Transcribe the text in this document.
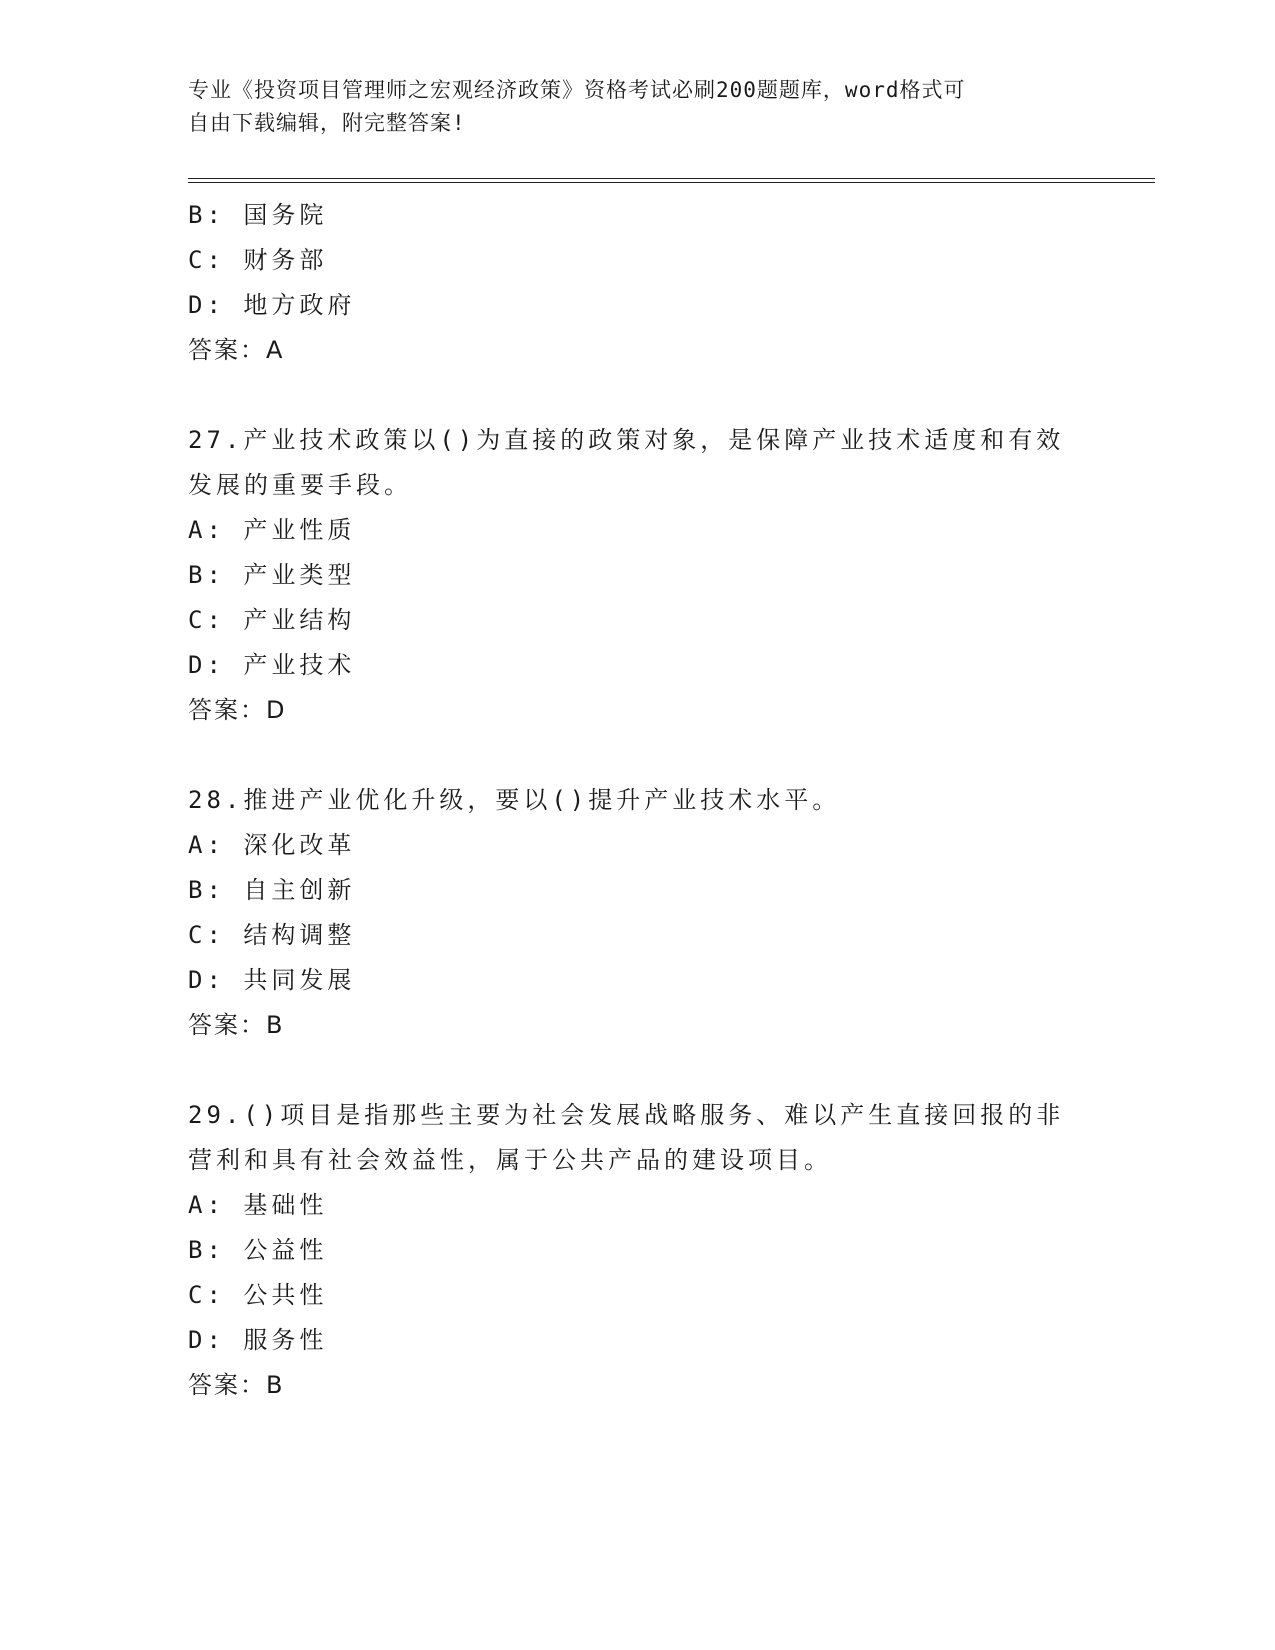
专业《投资项目管理师之宏观经济政策》资格考试必刷200题题库，word格式可
自由下载编辑，附完整答案!
B: 国务院
C: 财务部
D: 地方政府
答案：A
27.产业技术政策以()为直接的政策对象，是保障产业技术适度和有效
发展的重要手段。
A: 产业性质
B: 产业类型
C: 产业结构
D: 产业技术
答案：D
28.推进产业优化升级，要以()提升产业技术水平。
A: 深化改革
B: 自主创新
C: 结构调整
D: 共同发展
答案：B
29.()项目是指那些主要为社会发展战略服务、难以产生直接回报的非
营利和具有社会效益性，属于公共产品的建设项目。
A: 基础性
B: 公益性
C: 公共性
D: 服务性
答案：B
